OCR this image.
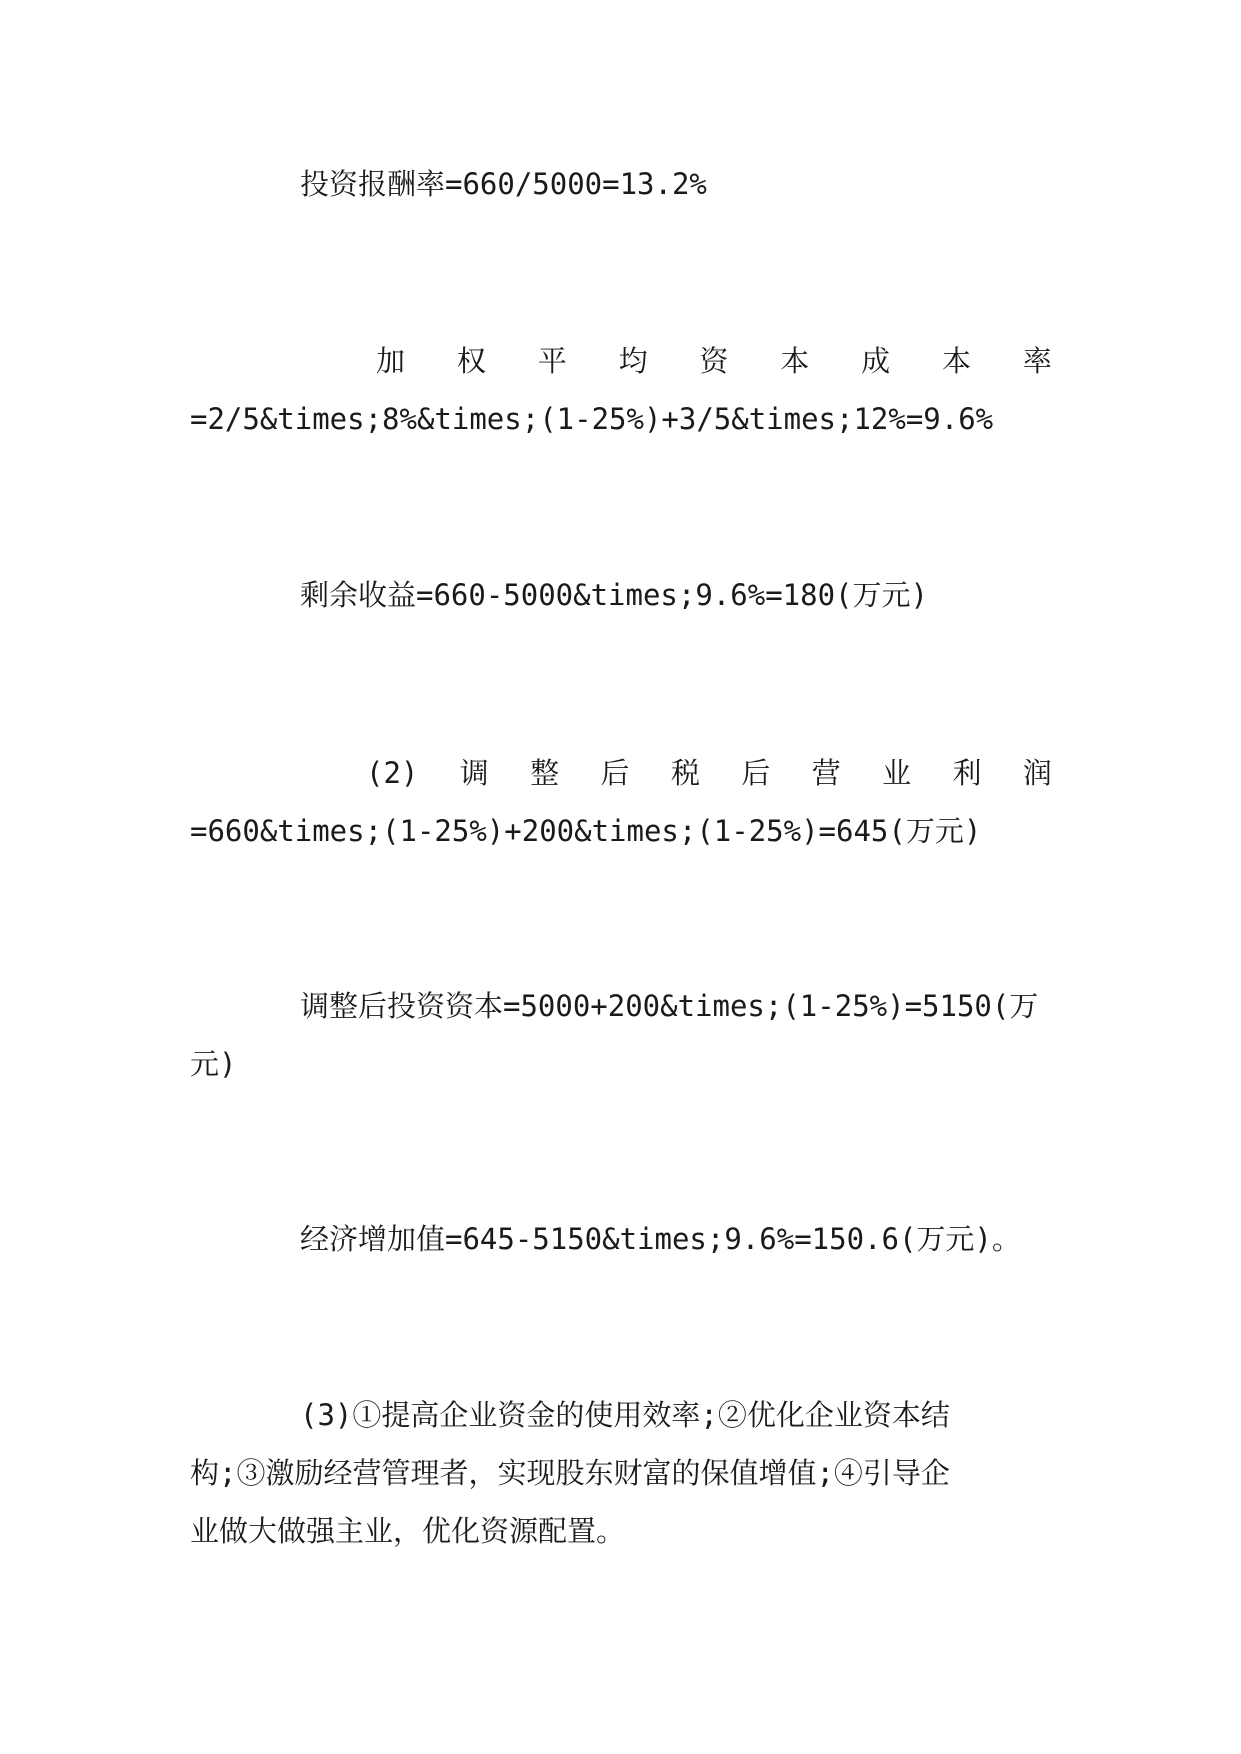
投资报酬率=660/5000=13.2%

加 权 平 均 资 本 成 本 率

=2/5&times;8%&times;(1-25%)+3/5&times;12%=9.6%

剩余收益=660-5000&times;9.6%=180(万元)

(2) 调 整 后 税 后 营 业 利 润

=660&times;(1-25%)+200&times;(1-25%)=645(万元)

调整后投资资本=5000+200&times;(1-25%)=5150(万

元)

经济增加值=645-5150&times;9.6%=150.6(万元)。

(3)①提高企业资金的使用效率;②优化企业资本结

构;③激励经营管理者，实现股东财富的保值增值;④引导企

业做大做强主业，优化资源配置。
